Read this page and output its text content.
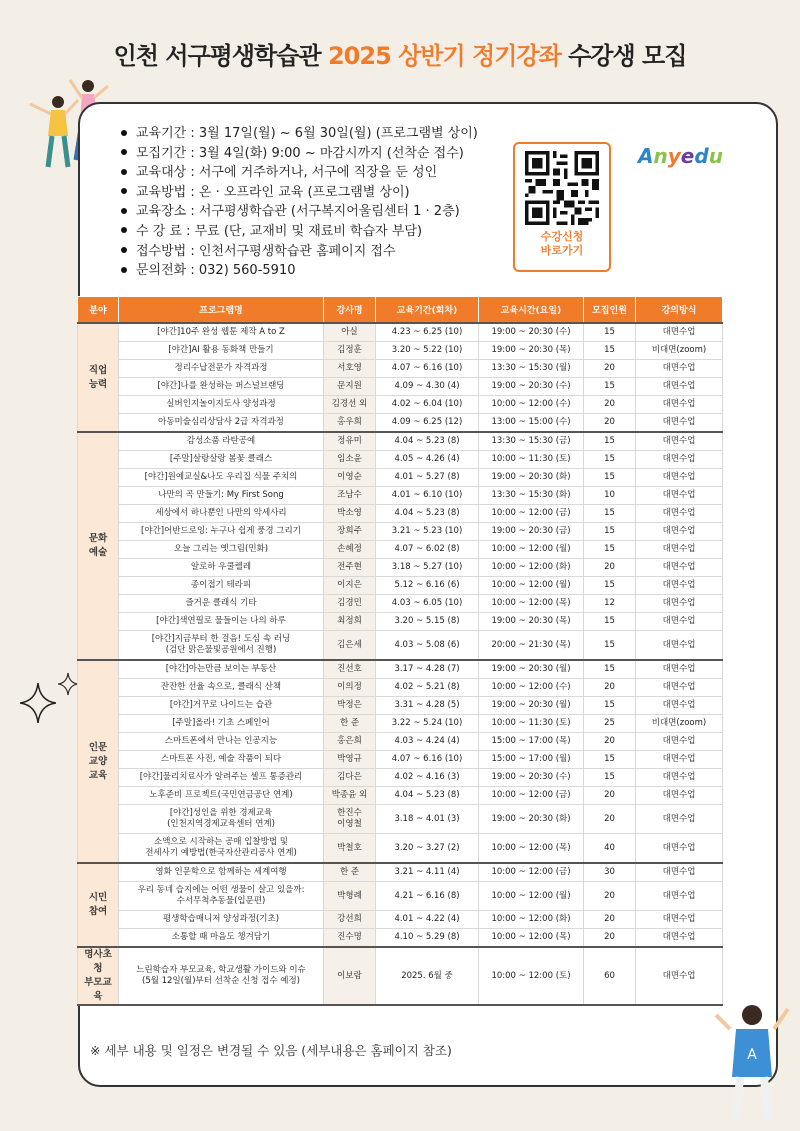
인천 서구평생학습관 2025 상반기 정기강좌 수강생 모집
교육기간 : 3월 17일(월) ~ 6월 30일(월) (프로그램별 상이)
모집기간 : 3월 4일(화) 9:00 ~ 마감시까지 (선착순 접수)
교육대상 : 서구에 거주하거나, 서구에 직장을 둔 성인
교육방법 : 온 · 오프라인 교육 (프로그램별 상이)
교육장소 : 서구평생학습관 (서구복지어울림센터 1 · 2층)
수 강 료 : 무료 (단, 교재비 및 재료비 학습자 부담)
접수방법 : 인천서구평생학습관 홈페이지 접수
문의전화 : 032) 560-5910
수강신청
바로가기
Anyedu
분야	프로그램명	강사명	교육기간(회차)	교육시간(요일)	모집인원	강의방식
직업
능력	[야간]10주 완성 웹툰 제작 A to Z	아실	4.23 ~ 6.25 (10)	19:00 ~ 20:30 (수)	15	대면수업
	[야간]AI 활용 동화책 만들기	김정훈	3.20 ~ 5.22 (10)	19:00 ~ 20:30 (목)	15	비대면(zoom)
	정리수납전문가 자격과정	서호영	4.07 ~ 6.16 (10)	13:30 ~ 15:30 (월)	20	대면수업
	[야간]나를 완성하는 퍼스널브랜딩	문지원	4.09 ~ 4.30 (4)	19:00 ~ 20:30 (수)	15	대면수업
	실버인지놀이지도사 양성과정	김경선 외	4.02 ~ 6.04 (10)	10:00 ~ 12:00 (수)	20	대면수업
	아동미술심리상담사 2급 자격과정	홍우희	4.09 ~ 6.25 (12)	13:00 ~ 15:00 (수)	20	대면수업
문화
예술	감성소품 라탄공예	정유미	4.04 ~ 5.23 (8)	13:30 ~ 15:30 (금)	15	대면수업
	[주말]살랑살랑 봄꽃 클래스	임소윤	4.05 ~ 4.26 (4)	10:00 ~ 11:30 (토)	15	대면수업
	[야간]원예교실&나도 우리집 식물 주치의	이영순	4.01 ~ 5.27 (8)	19:00 ~ 20:30 (화)	15	대면수업
	나만의 곡 만들기: My First Song	조남수	4.01 ~ 6.10 (10)	13:30 ~ 15:30 (화)	10	대면수업
	세상에서 하나뿐인 나만의 악세사리	박소영	4.04 ~ 5.23 (8)	10:00 ~ 12:00 (금)	15	대면수업
	[야간]어반드로잉: 누구나 쉽게 풍경 그리기	장희주	3.21 ~ 5.23 (10)	19:00 ~ 20:30 (금)	15	대면수업
	오늘 그리는 옛그림(민화)	손혜정	4.07 ~ 6.02 (8)	10:00 ~ 12:00 (월)	15	대면수업
	알로하 우쿨렐레	전주현	3.18 ~ 5.27 (10)	10:00 ~ 12:00 (화)	20	대면수업
	종이접기 테라피	이지은	5.12 ~ 6.16 (6)	10:00 ~ 12:00 (월)	15	대면수업
	즐거운 클래식 기타	김경민	4.03 ~ 6.05 (10)	10:00 ~ 12:00 (목)	12	대면수업
	[야간]색연필로 물들이는 나의 하루	최정희	3.20 ~ 5.15 (8)	19:00 ~ 20:30 (목)	15	대면수업
	[야간]지금부터 한 걸음! 도심 속 러닝
(검단 맑은물빛공원에서 진행)	김은세	4.03 ~ 5.08 (6)	20:00 ~ 21:30 (목)	15	대면수업
인문
교양
교육	[야간]아는만큼 보이는 부동산	진선호	3.17 ~ 4.28 (7)	19:00 ~ 20:30 (월)	15	대면수업
	잔잔한 선율 속으로, 클래식 산책	이의정	4.02 ~ 5.21 (8)	10:00 ~ 12:00 (수)	20	대면수업
	[야간]거꾸로 나이드는 습관	박정은	3.31 ~ 4.28 (5)	19:00 ~ 20:30 (월)	15	대면수업
	[주말]올라! 기초 스페인어	한 준	3.22 ~ 5.24 (10)	10:00 ~ 11:30 (토)	25	비대면(zoom)
	스마트폰에서 만나는 인공지능	홍은희	4.03 ~ 4.24 (4)	15:00 ~ 17:00 (목)	20	대면수업
	스마트폰 사진, 예술 작품이 되다	박영규	4.07 ~ 6.16 (10)	15:00 ~ 17:00 (월)	15	대면수업
	[야간]물리치료사가 알려주는 셀프 통증관리	김다은	4.02 ~ 4.16 (3)	19:00 ~ 20:30 (수)	15	대면수업
	노후준비 프로젝트(국민연금공단 연계)	박종윤 외	4.04 ~ 5.23 (8)	10:00 ~ 12:00 (금)	20	대면수업
	[야간]성인을 위한 경제교육
(인천지역경제교육센터 연계)	한진수
이영철	3.18 ~ 4.01 (3)	19:00 ~ 20:30 (화)	20	대면수업
	소액으로 시작하는 공매 입찰방법 및
전세사기 예방법(한국자산관리공사 연계)	박철호	3.20 ~ 3.27 (2)	10:00 ~ 12:00 (목)	40	대면수업
시민
참여	영화 인문학으로 함께하는 세계여행	한 준	3.21 ~ 4.11 (4)	10:00 ~ 12:00 (금)	30	대면수업
	우리 동네 습지에는 어떤 생물이 살고 있을까:
수서무척추동물(입문편)	박형례	4.21 ~ 6.16 (8)	10:00 ~ 12:00 (월)	20	대면수업
	평생학습매니저 양성과정(기초)	강선희	4.01 ~ 4.22 (4)	10:00 ~ 12:00 (화)	20	대면수업
	소통할 때 마음도 챙겨담기	진수명	4.10 ~ 5.29 (8)	10:00 ~ 12:00 (목)	20	대면수업
명사초청
부모교육	느린학습자 부모교육, 학교생활 가이드와 이슈
(5월 12일(월)부터 선착순 신청 접수 예정)	이보람	2025. 6월 중	10:00 ~ 12:00 (토)	60	대면수업
※ 세부 내용 및 일정은 변경될 수 있음 (세부내용은 홈페이지 참조)	A
